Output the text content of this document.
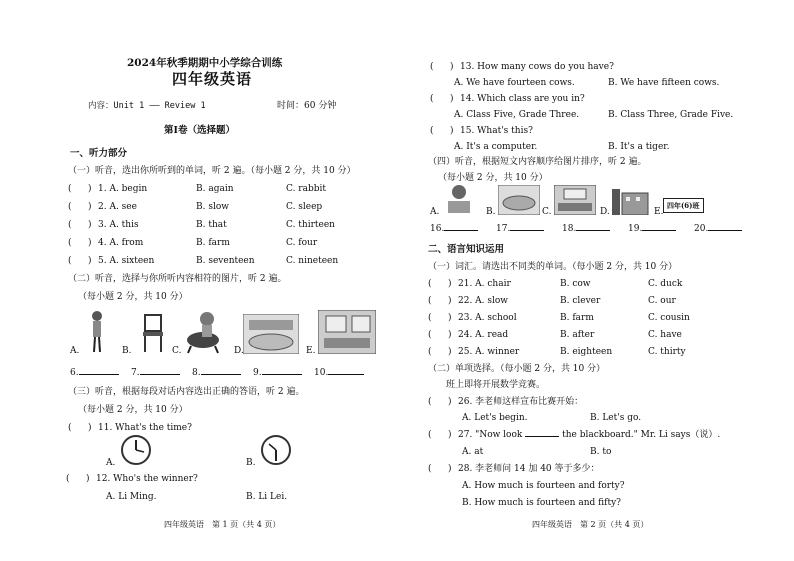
2024年秋季期期中小学综合训练
四年级英语
内容：Unit 1 —— Review 1	时间：60 分钟
第Ⅰ卷（选择题）
一、听力部分
（一）听音，选出你所听到的单词，听 2 遍。（每小题 2 分，共 10 分）
( ) 1. A. begin	B. again	C. rabbit
( ) 2. A. see	B. slow	C. sleep
( ) 3. A. this	B. that	C. thirteen
( ) 4. A. from	B. farm	C. four
( ) 5. A. sixteen	B. seventeen	C. nineteen
（二）听音，选择与你所听内容相符的图片，听 2 遍。
（每小题 2 分，共 10 分）
A.	B.	C.	D.	E.
6.	7.	8.	9.	10.
（三）听音，根据每段对话内容选出正确的答语，听 2 遍。
（每小题 2 分，共 10 分）
( ) 11. What's the time?
A.	B.
( ) 12. Who's the winner?
A. Li Ming.	B. Li Lei.
四年级英语　第 1 页（共 4 页）
( ) 13. How many cows do you have?
A. We have fourteen cows.	B. We have fifteen cows.
( ) 14. Which class are you in?
A. Class Five, Grade Three.	B. Class Three, Grade Five.
( ) 15. What's this?
A. It's a computer.	B. It's a tiger.
（四）听音，根据短文内容顺序给图片排序，听 2 遍。
（每小题 2 分，共 10 分）
A.	B.	C.	D.	E.
四年(6)班
16.	17.	18.	19.	20.
二、语言知识运用
（一）词汇。请选出不同类的单词。（每小题 2 分，共 10 分）
( ) 21. A. chair	B. cow	C. duck
( ) 22. A. slow	B. clever	C. our
( ) 23. A. school	B. farm	C. cousin
( ) 24. A. read	B. after	C. have
( ) 25. A. winner	B. eighteen	C. thirty
（二）单项选择。（每小题 2 分，共 10 分）
班上即将开展数学竞赛。
( ) 26. 李老师这样宣布比赛开始：
A. Let's begin.	B. Let's go.
( ) 27. "Now look	the blackboard." Mr. Li says（说）.
A. at	B. to
( ) 28. 李老师问 14 加 40 等于多少：
A. How much is fourteen and forty?
B. How much is fourteen and fifty?
四年级英语　第 2 页（共 4 页）
